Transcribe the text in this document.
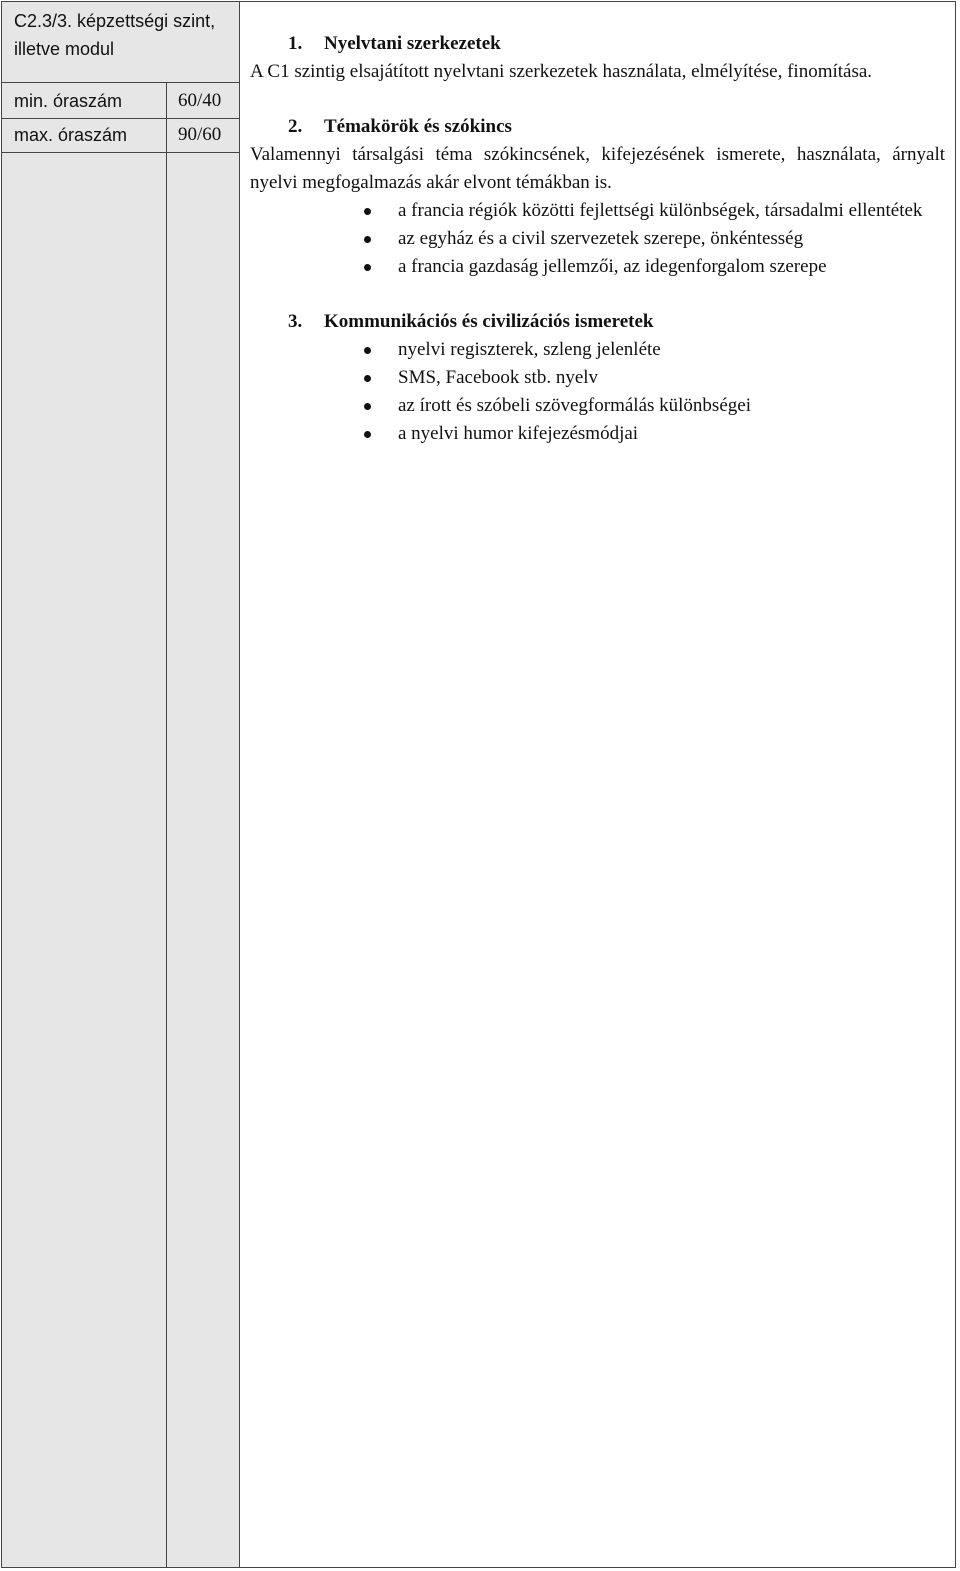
C2.3/3. képzettségi szint,
illetve modul
min. óraszám	60/40
max. óraszám	90/60
1. Nyelvtani szerkezetek

A C1 szintig elsajátított nyelvtani szerkezetek használata, elmélyítése, finomítása.

2. Témakörök és szókincs

Valamennyi társalgási téma szókincsének, kifejezésének ismerete, használata, árnyalt nyelvi megfogalmazás akár elvont témákban is.

a francia régiók közötti fejlettségi különbségek, társadalmi ellentétek
az egyház és a civil szervezetek szerepe, önkéntesség
a francia gazdaság jellemzői, az idegenforgalom szerepe
3. Kommunikációs és civilizációs ismeretek
nyelvi regiszterek, szleng jelenléte
SMS, Facebook stb. nyelv
az írott és szóbeli szövegformálás különbségei
a nyelvi humor kifejezésmódjai
